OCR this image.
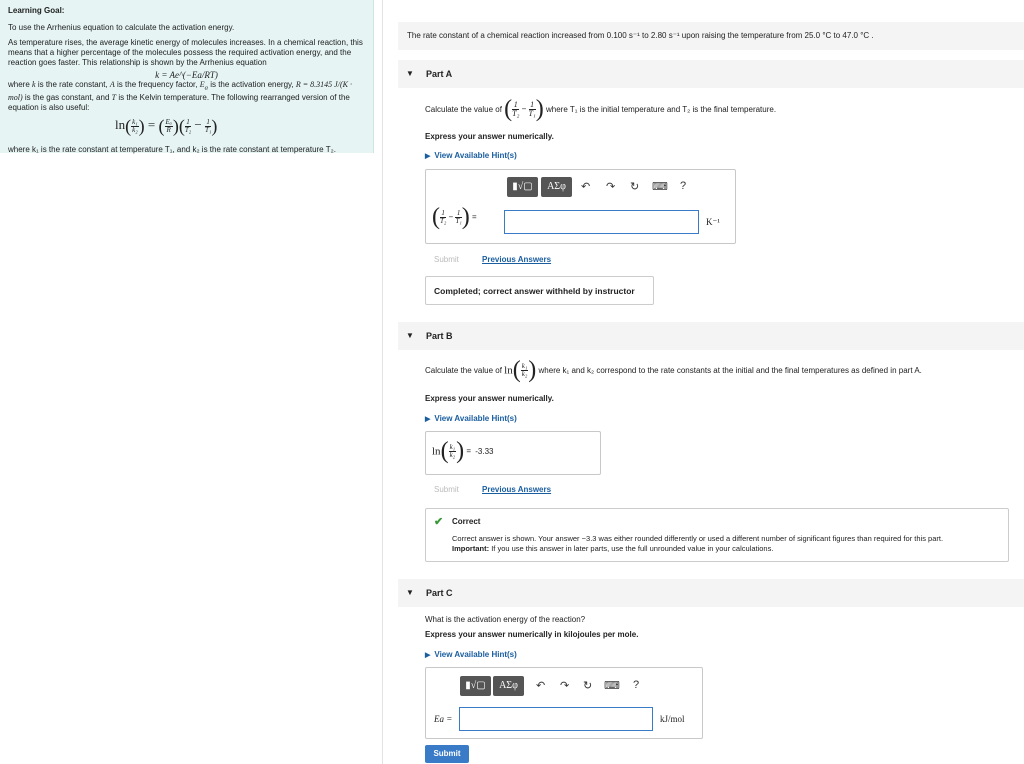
Learning Goal:

To use the Arrhenius equation to calculate the activation energy.

As temperature rises, the average kinetic energy of molecules increases. In a chemical reaction, this means that a higher percentage of the molecules possess the required activation energy, and the reaction goes faster. This relationship is shown by the Arrhenius equation

k = Ae^(−Ea/RT)

where k is the rate constant, A is the frequency factor, $E_a$ is the activation energy, R = 8.3145 J/(K · mol) is the gas constant, and T is the Kelvin temperature. The following rearranged version of the equation is also useful:

$\ln( \frac{\text{k₁}}{\text{k₂}}$ ) = ( $\frac{\text{Eₐ}}{R}$ )( $\frac{1}{\text{T₂}} - \frac{1}{\text{T₁}}$ )

where k₁ is the rate constant at temperature T₁, and k₂ is the rate constant at temperature T₂.

The rate constant of a chemical reaction increased from 0.100 s⁻¹ to 2.80 s⁻¹ upon raising the temperature from 25.0 °C to 47.0 °C .
▼ Part A
Calculate the value of ( $\frac{1}{\text{T₂}} - \frac{1}{\text{T₁}}$ ) where T₁ is the initial temperature and T₂ is the final temperature.
Express your answer numerically.
▶ View Available Hint(s)
▮√▢	ΑΣφ	↶ ↷ ↻ ⌨ ?
( $\frac{1}{\text{T₂}} - \frac{1}{\text{T₁}}$ ) =	K⁻¹
Submit	Previous Answers
Completed; correct answer withheld by instructor
▼ Part B
Calculate the value of $\ln( \frac{\text{k₁}}{\text{k₂}}$ ) where k₁ and k₂ correspond to the rate constants at the initial and the final temperatures as defined in part A.
Express your answer numerically.
▶ View Available Hint(s)
$\ln( \frac{\text{k₁}}{\text{k₂}}$ ) = -3.33
Submit	Previous Answers
✔ Correct
Correct answer is shown. Your answer −3.3 was either rounded differently or used a different number of significant figures than required for this part.
Important: If you use this answer in later parts, use the full unrounded value in your calculations.
▼ Part C
What is the activation energy of the reaction?
Express your answer numerically in kilojoules per mole.
▶ View Available Hint(s)
▮√▢	ΑΣφ	↶ ↷ ↻ ⌨ ?
Ea =	kJ/mol
Submit
